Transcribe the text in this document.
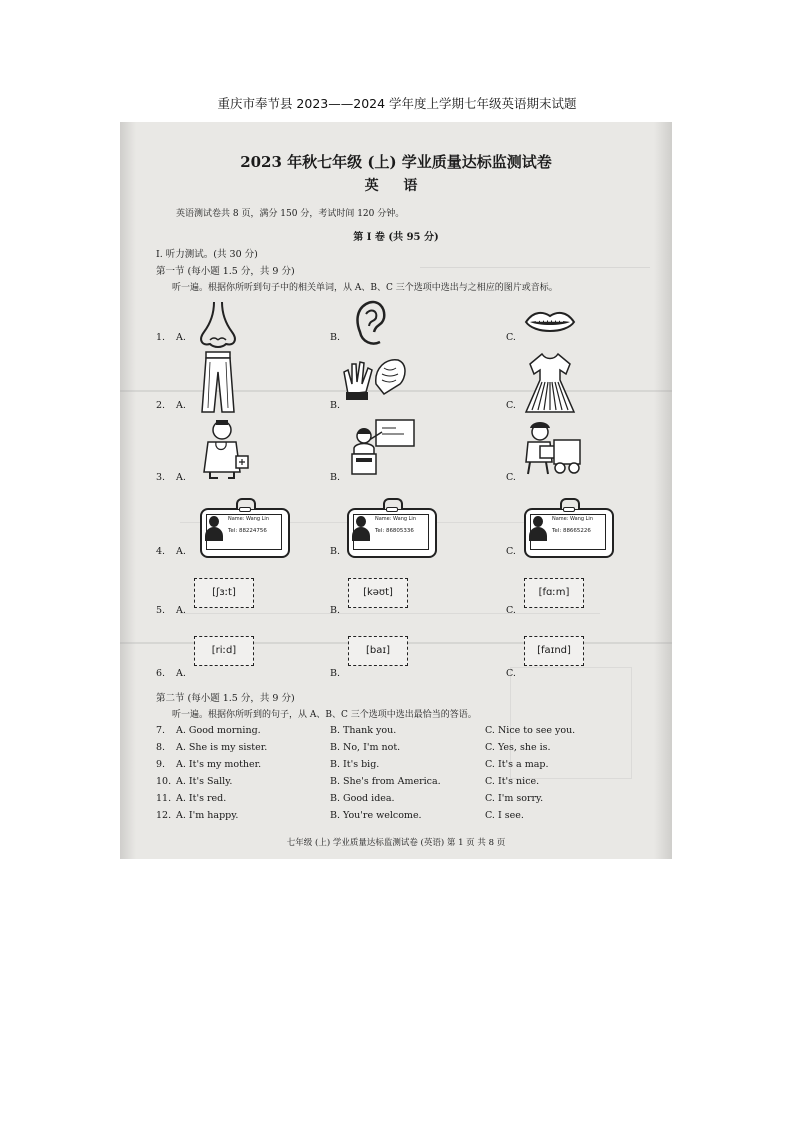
重庆市奉节县 2023——2024 学年度上学期七年级英语期末试题
2023 年秋七年级 (上) 学业质量达标监测试卷
英 语
英语测试卷共 8 页，满分 150 分，考试时间 120 分钟。
第 Ⅰ 卷 (共 95 分)
Ⅰ. 听力测试。(共 30 分)
第一节 (每小题 1.5 分，共 9 分)
听一遍。根据你所听到句子中的相关单词，从 A、B、C 三个选项中选出与之相应的图片或音标。
1. A.	B.	C.
2. A.	B.	C.
3. A.	B.	C.
4. A.	B.	C.
Name: Wang Lin
Tel: 88224756
Name: Wang Lin
Tel: 86805336
Name: Wang Lin
Tel: 88665226
5. A.	B.	C.
[ʃɜːt]	[kəʊt]	[fɑːm]
6. A.	B.	C.
[riːd]	[baɪ]	[faɪnd]
第二节 (每小题 1.5 分，共 9 分)
听一遍。根据你所听到的句子，从 A、B、C 三个选项中选出最恰当的答语。
7. A. Good morning.	B. Thank you.	C. Nice to see you.
8. A. She is my sister.	B. No, I'm not.	C. Yes, she is.
9. A. It's my mother.	B. It's big.	C. It's a map.
10. A. It's Sally.	B. She's from America.	C. It's nice.
11. A. It's red.	B. Good idea.	C. I'm sorry.
12. A. I'm happy.	B. You're welcome.	C. I see.
七年级 (上) 学业质量达标监测试卷 (英语) 第 1 页 共 8 页
